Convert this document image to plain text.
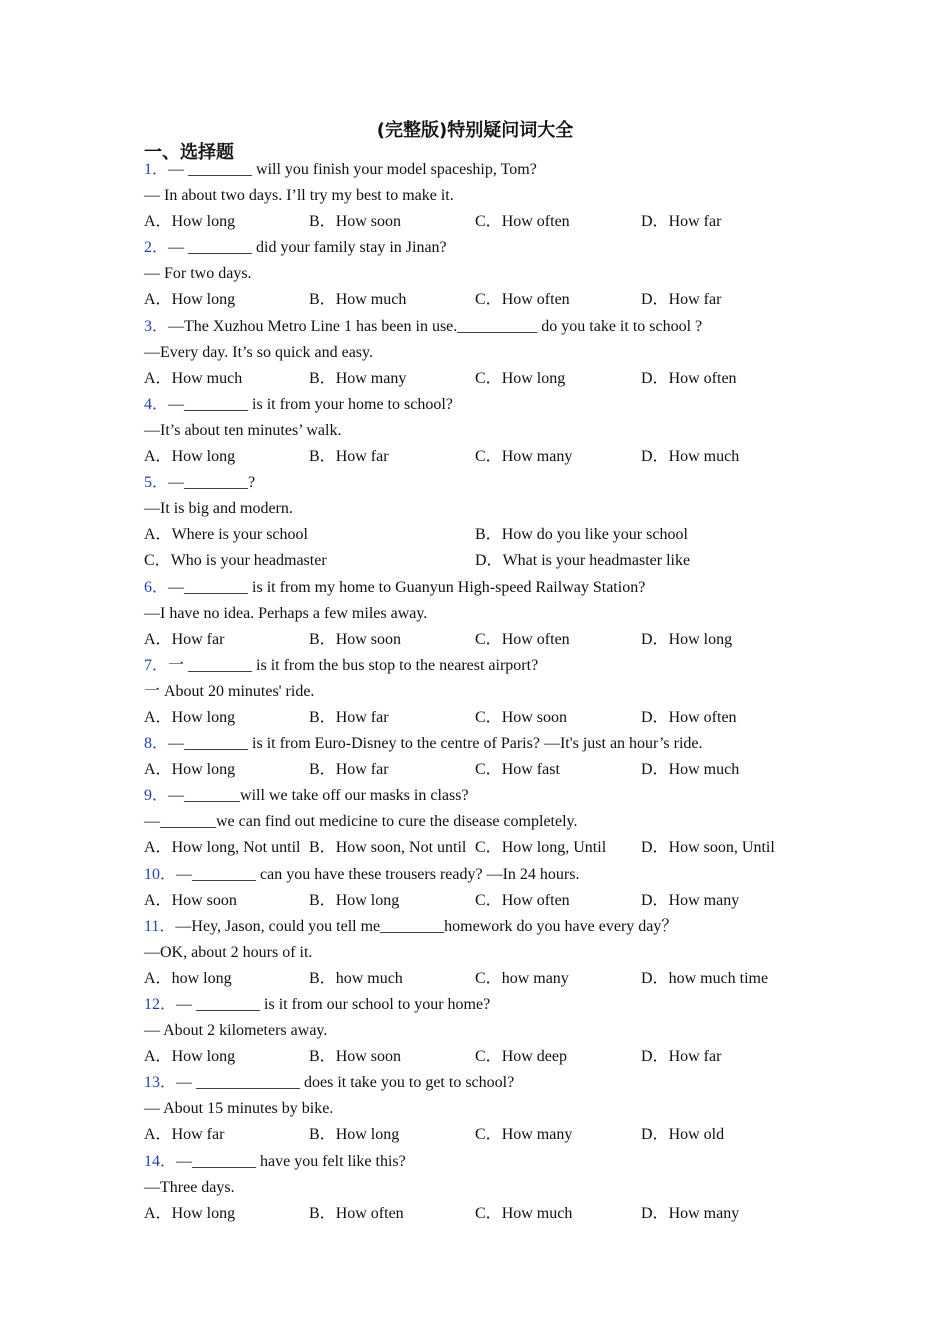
(完整版)特别疑问词大全
一、选择题
1．— ________ will you finish your model spaceship, Tom?
— In about two days. I’ll try my best to make it.
A．How long	B．How soon	C．How often	D．How far
2．— ________ did your family stay in Jinan?
— For two days.
A．How long	B．How much	C．How often	D．How far
3．—The Xuzhou Metro Line 1 has been in use.__________ do you take it to school ?
—Every day. It’s so quick and easy.
A．How much	B．How many	C．How long	D．How often
4．—________ is it from your home to school?
—It’s about ten minutes’ walk.
A．How long	B．How far	C．How many	D．How much
5．—________?
—It is big and modern.
A．Where is your school	B．How do you like your school
C．Who is your headmaster	D．What is your headmaster like
6．—________ is it from my home to Guanyun High-speed Railway Station?
—I have no idea. Perhaps a few miles away.
A．How far	B．How soon	C．How often	D．How long
7．一 ________ is it from the bus stop to the nearest airport?
一 About 20 minutes' ride.
A．How long	B．How far	C．How soon	D．How often
8．—________ is it from Euro-Disney to the centre of Paris? —It's just an hour’s ride.
A．How long	B．How far	C．How fast	D．How much
9．—_______will we take off our masks in class?
—_______we can find out medicine to cure the disease completely.
A．How long, Not until B．How soon, Not until C．How long, Until D．How soon, Until
10．—________ can you have these trousers ready? —In 24 hours.
A．How soon	B．How long	C．How often	D．How many
11．—Hey, Jason, could you tell me________homework do you have every day？
—OK, about 2 hours of it.
A．how long	B．how much	C．how many	D．how much time
12．— ________ is it from our school to your home?
— About 2 kilometers away.
A．How long	B．How soon	C．How deep	D．How far
13．— _____________ does it take you to get to school?
— About 15 minutes by bike.
A．How far	B．How long	C．How many	D．How old
14．—________ have you felt like this?
—Three days.
A．How long	B．How often	C．How much	D．How many
